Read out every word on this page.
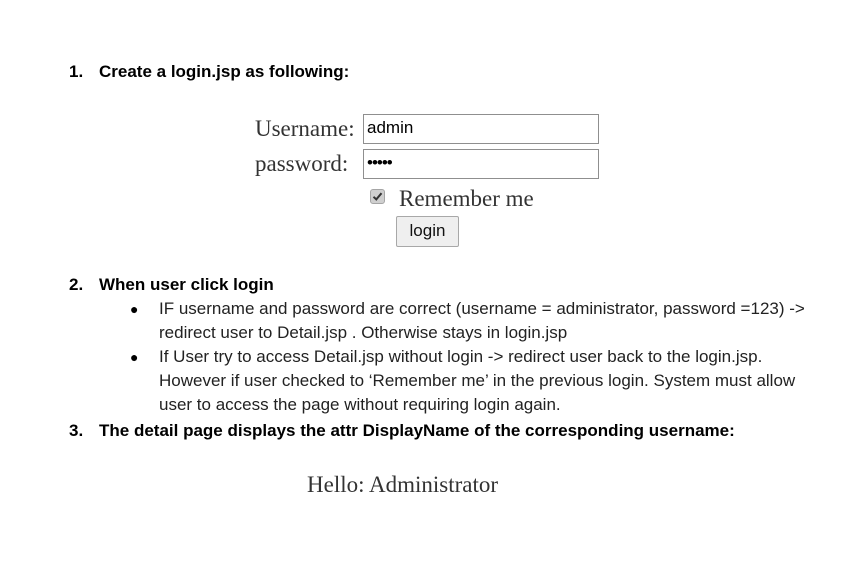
1. Create a login.jsp as following:
Username: admin
password: •••••
Remember me
login
2. When user click login
● IF username and password are correct (username = administrator, password =123) -> redirect user to Detail.jsp . Otherwise stays in login.jsp
● If User try to access Detail.jsp without login -> redirect user back to the login.jsp. However if user checked to ‘Remember me’ in the previous login. System must allow user to access the page without requiring login again.
3. The detail page displays the attr DisplayName of the corresponding username:
Hello: Administrator
